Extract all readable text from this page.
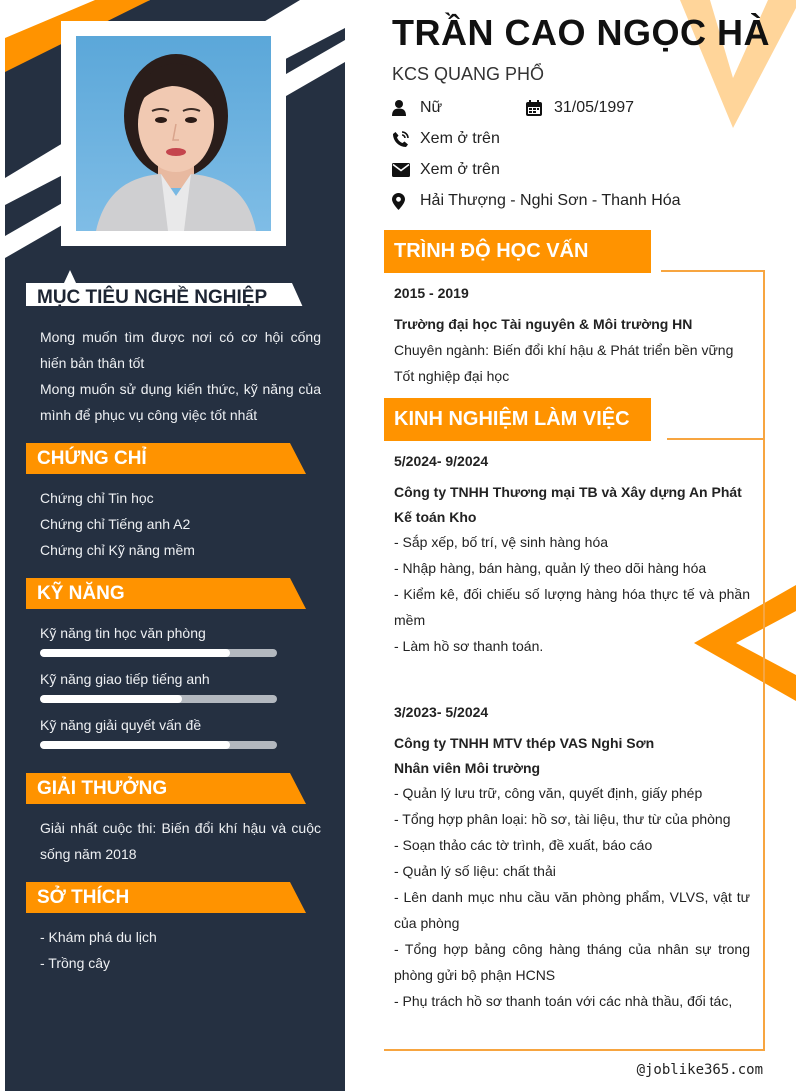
TRẦN CAO NGỌC HÀ
KCS QUANG PHỔ
Nữ	31/05/1997
Xem ở trên
Xem ở trên
Hải Thượng - Nghi Sơn - Thanh Hóa
MỤC TIÊU NGHỀ NGHIỆP

Mong muốn tìm được nơi có cơ hội cống hiến bản thân tốt

Mong muốn sử dụng kiến thức, kỹ năng của mình để phục vụ công việc tốt nhất

CHỨNG CHỈ

Chứng chỉ Tin học

Chứng chỉ Tiếng anh A2

Chứng chỉ Kỹ năng mềm

KỸ NĂNG
Kỹ năng tin học văn phòng
Kỹ năng giao tiếp tiếng anh
Kỹ năng giải quyết vấn đề
GIẢI THƯỞNG

Giải nhất cuộc thi: Biến đổi khí hậu và cuộc sống năm 2018

SỞ THÍCH

- Khám phá du lịch

- Trồng cây

TRÌNH ĐỘ HỌC VẤN

2015 - 2019

Trường đại học Tài nguyên & Môi trường HN

Chuyên ngành: Biến đổi khí hậu & Phát triển bền vững

Tốt nghiệp đại học

KINH NGHIỆM LÀM VIỆC

5/2024- 9/2024

Công ty TNHH Thương mại TB và Xây dựng An Phát

Kế toán Kho

- Sắp xếp, bố trí, vệ sinh hàng hóa

- Nhập hàng, bán hàng, quản lý theo dõi hàng hóa

- Kiểm kê, đối chiếu số lượng hàng hóa thực tế và phần mềm

- Làm hồ sơ thanh toán.

3/2023- 5/2024

Công ty TNHH MTV thép VAS Nghi Sơn

Nhân viên Môi trường

- Quản lý lưu trữ, công văn, quyết định, giấy phép

- Tổng hợp phân loại: hồ sơ, tài liệu, thư từ của phòng

- Soạn thảo các tờ trình, đề xuất, báo cáo

- Quản lý số liệu: chất thải

- Lên danh mục nhu cầu văn phòng phẩm, VLVS, vật tư của phòng

- Tổng hợp bảng công hàng tháng của nhân sự trong phòng gửi bộ phận HCNS

- Phụ trách hồ sơ thanh toán với các nhà thầu, đối tác,

@joblike365.com
